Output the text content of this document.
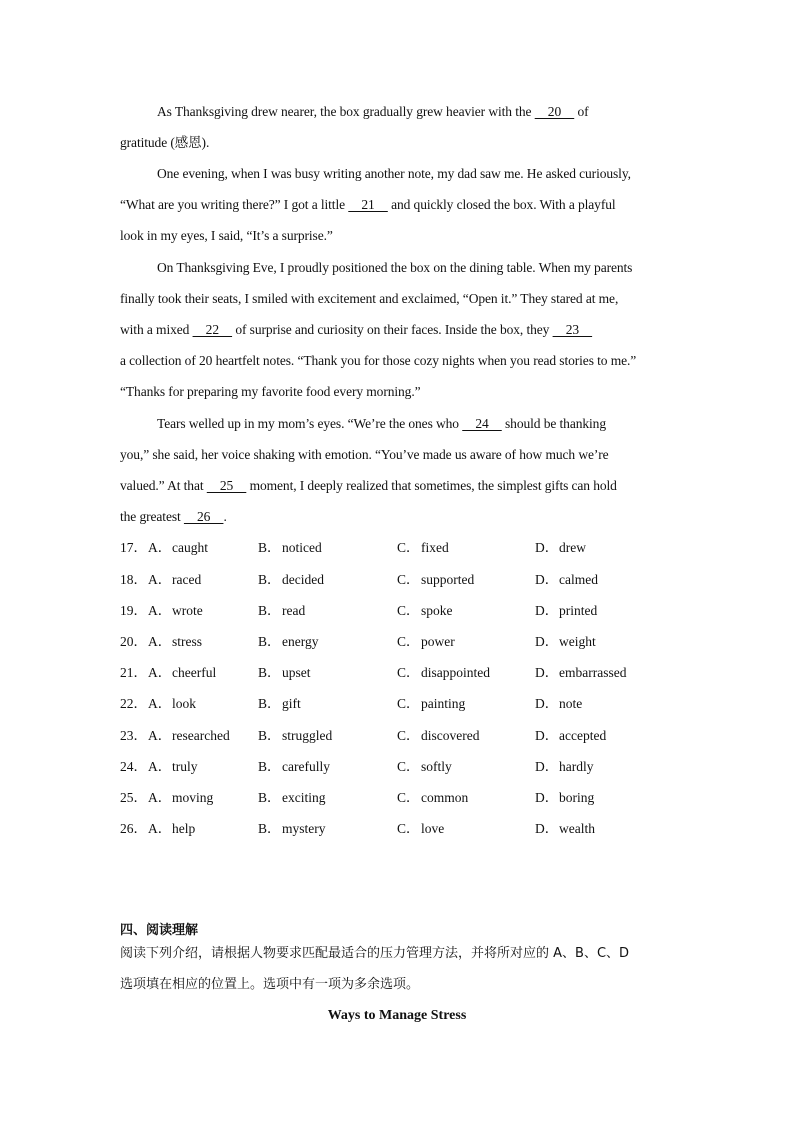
As Thanksgiving drew nearer, the box gradually grew heavier with the     20     of
gratitude (感恩).
One evening, when I was busy writing another note, my dad saw me. He asked curiously,
“What are you writing there?” I got a little     21     and quickly closed the box. With a playful
look in my eyes, I said, “It’s a surprise.”
On Thanksgiving Eve, I proudly positioned the box on the dining table. When my parents
finally took their seats, I smiled with excitement and exclaimed, “Open it.” They stared at me,
with a mixed     22     of surprise and curiosity on their faces. Inside the box, they     23
a collection of 20 heartfelt notes. “Thank you for those cozy nights when you read stories to me.”
“Thanks for preparing my favorite food every morning.”
Tears welled up in my mom’s eyes. “We’re the ones who     24     should be thanking
you,” she said, her voice shaking with emotion. “You’ve made us aware of how much we’re
valued.” At that     25     moment, I deeply realized that sometimes, the simplest gifts can hold
the greatest     26    .
17． A．caught	B．noticed	C．fixed	D．drew
18． A．raced	B．decided	C．supported	D．calmed
19． A．wrote	B．read	C．spoke	D．printed
20． A．stress	B．energy	C．power	D．weight
21． A．cheerful	B．upset	C．disappointed	D．embarrassed
22． A．look	B．gift	C．painting	D．note
23． A．researched B．struggled	C．discovered	D．accepted
24． A．truly	B．carefully	C．softly	D．hardly
25． A．moving	B．exciting	C．common	D．boring
26． A．help	B．mystery	C．love	D．wealth
四、阅读理解
阅读下列介绍，请根据人物要求匹配最适合的压力管理方法，并将所对应的 A、B、C、D
选项填在相应的位置上。选项中有一项为多余选项。
Ways to Manage Stress
